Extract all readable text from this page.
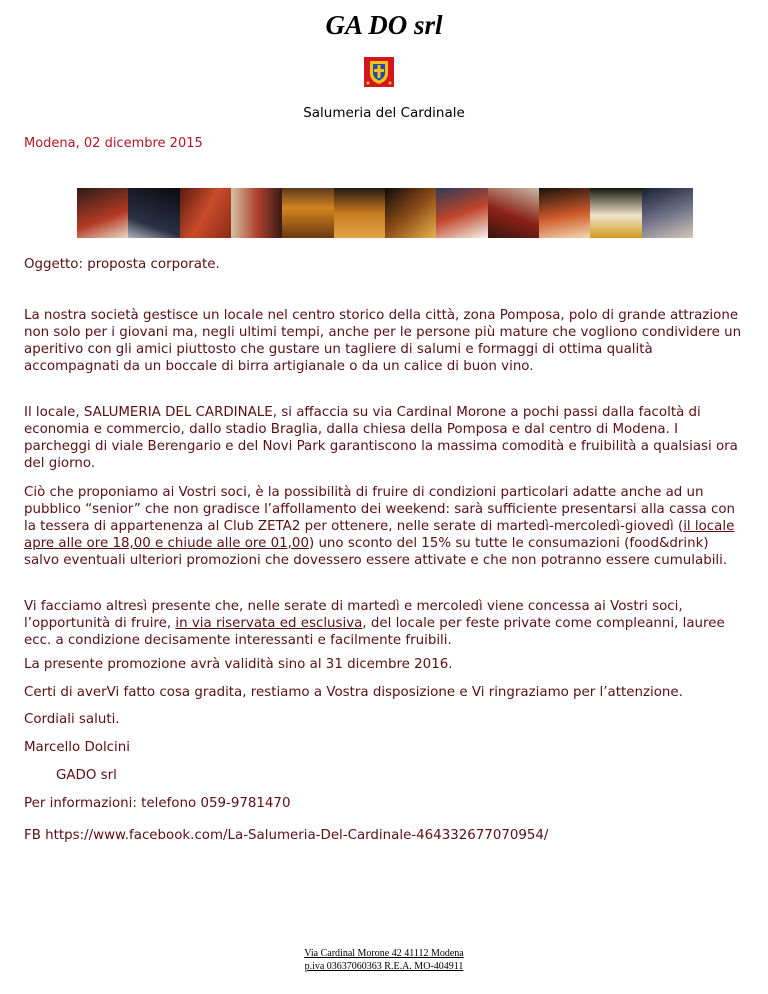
GA DO srl
Salumeria del Cardinale
Modena, 02 dicembre 2015

Oggetto: proposta corporate.

La nostra società gestisce un locale nel centro storico della città, zona Pomposa, polo di grande attrazione non solo per i giovani ma, negli ultimi tempi, anche per le persone più mature che vogliono condividere un aperitivo con gli amici piuttosto che gustare un tagliere di salumi e formaggi di ottima qualità accompagnati da un boccale di birra artigianale o da un calice di buon vino.

Il locale, SALUMERIA DEL CARDINALE, si affaccia su via Cardinal Morone a pochi passi dalla facoltà di economia e commercio, dallo stadio Braglia, dalla chiesa della Pomposa e dal centro di Modena. I parcheggi di viale Berengario e del Novi Park garantiscono la massima comodità e fruibilità a qualsiasi ora del giorno.

Ciò che proponiamo ai Vostri soci, è la possibilità di fruire di condizioni particolari adatte anche ad un pubblico “senior” che non gradisce l’affollamento dei weekend: sarà sufficiente presentarsi alla cassa con la tessera di appartenenza al Club ZETA2 per ottenere, nelle serate di martedì-mercoledì-giovedì (il locale apre alle ore 18,00 e chiude alle ore 01,00) uno sconto del 15% su tutte le consumazioni (food&drink) salvo eventuali ulteriori promozioni che dovessero essere attivate e che non potranno essere cumulabili.

Vi facciamo altresì presente che, nelle serate di martedì e mercoledì viene concessa ai Vostri soci, l’opportunità di fruire, in via riservata ed esclusiva, del locale per feste private come compleanni, lauree ecc. a condizione decisamente interessanti e facilmente fruibili.

La presente promozione avrà validità sino al 31 dicembre 2016.

Certi di averVi fatto cosa gradita, restiamo a Vostra disposizione e Vi ringraziamo per l’attenzione.

Cordiali saluti.

Marcello Dolcini

GADO srl

Per informazioni: telefono 059-9781470

FB https://www.facebook.com/La-Salumeria-Del-Cardinale-464332677070954/

Via Cardinal Morone 42 41112 Modena
p.iva 03637060363 R.E.A. MO-404911
